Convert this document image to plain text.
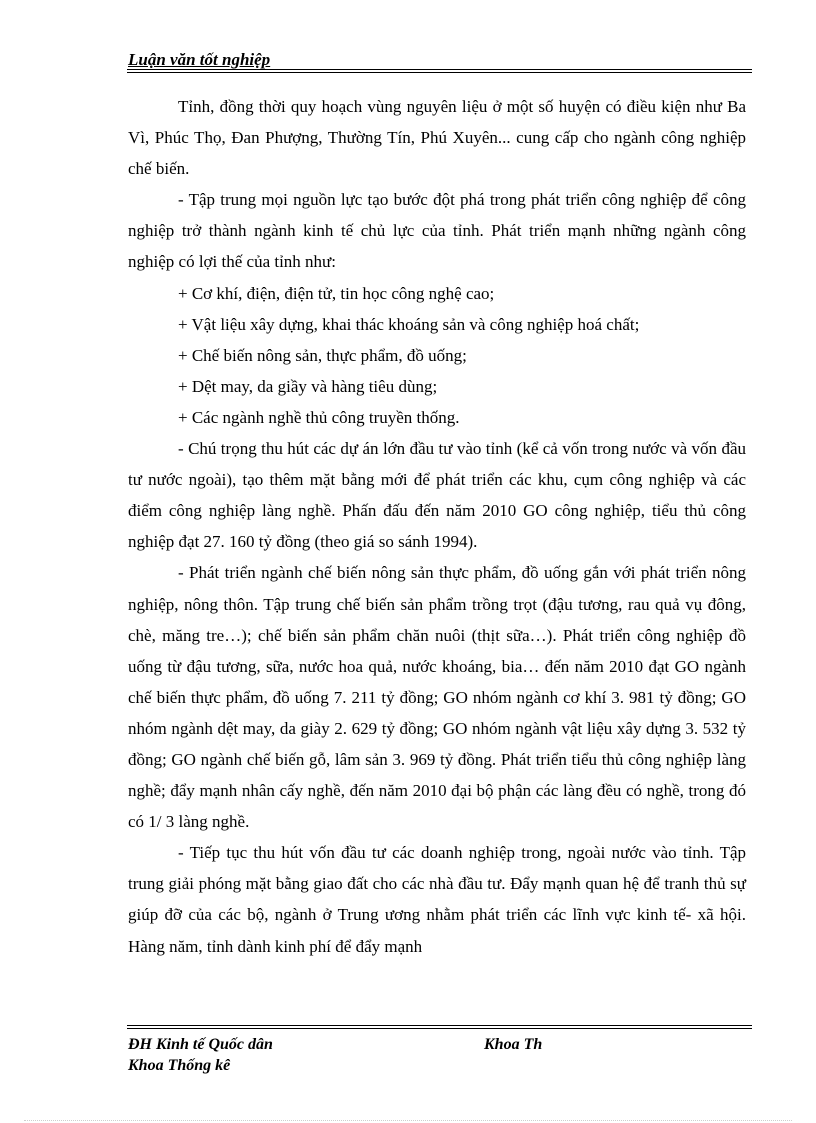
Luận văn tốt nghiệp

Tỉnh, đồng thời quy hoạch vùng nguyên liệu ở một số huyện có điều kiện như Ba Vì, Phúc Thọ, Đan Phượng, Thường Tín, Phú Xuyên... cung cấp cho ngành công nghiệp chế biến.

- Tập trung mọi nguồn lực tạo bước đột phá trong phát triển công nghiệp để công nghiệp trở thành ngành kinh tế chủ lực của tỉnh. Phát triển mạnh những ngành công nghiệp có lợi thế của tỉnh như:

+ Cơ khí, điện, điện tử, tin học công nghệ cao;
+ Vật liệu xây dựng, khai thác khoáng sản và công nghiệp hoá chất;
+ Chế biến nông sản, thực phẩm, đồ uống;
+ Dệt may, da giầy và hàng tiêu dùng;
+ Các ngành nghề thủ công truyền thống.

- Chú trọng thu hút các dự án lớn đầu tư vào tỉnh (kể cả vốn trong nước và vốn đầu tư nước ngoài), tạo thêm mặt bằng mới để phát triển các khu, cụm công nghiệp và các điểm công nghiệp làng nghề. Phấn đấu đến năm 2010 GO công nghiệp, tiểu thủ công nghiệp đạt 27. 160 tỷ đồng (theo giá so sánh 1994).

- Phát triển ngành chế biến nông sản thực phẩm, đồ uống gắn với phát triển nông nghiệp, nông thôn. Tập trung chế biến sản phẩm trồng trọt (đậu tương, rau quả vụ đông, chè, măng tre…); chế biến sản phẩm chăn nuôi (thịt sữa…). Phát triển công nghiệp đồ uống từ đậu tương, sữa, nước hoa quả, nước khoáng, bia… đến năm 2010 đạt GO ngành chế biến thực phẩm, đồ uống 7. 211 tỷ đồng; GO nhóm ngành cơ khí 3. 981 tỷ đồng; GO nhóm ngành dệt may, da giày 2. 629 tỷ đồng; GO nhóm ngành vật liệu xây dựng 3. 532 tỷ đồng; GO ngành chế biến gỗ, lâm sản 3. 969 tỷ đồng. Phát triển tiểu thủ công nghiệp làng nghề; đẩy mạnh nhân cấy nghề, đến năm 2010 đại bộ phận các làng đều có nghề, trong đó có 1/ 3 làng nghề.

- Tiếp tục thu hút vốn đầu tư các doanh nghiệp trong, ngoài nước vào tỉnh. Tập trung giải phóng mặt bằng giao đất cho các nhà đầu tư. Đẩy mạnh quan hệ để tranh thủ sự giúp đỡ của các bộ, ngành ở Trung ương nhằm phát triển các lĩnh vực kinh tế- xã hội. Hàng năm, tỉnh dành kinh phí để đẩy mạnh

ĐH Kinh tế Quốc dân
Khoa Thống kê
Khoa Th
